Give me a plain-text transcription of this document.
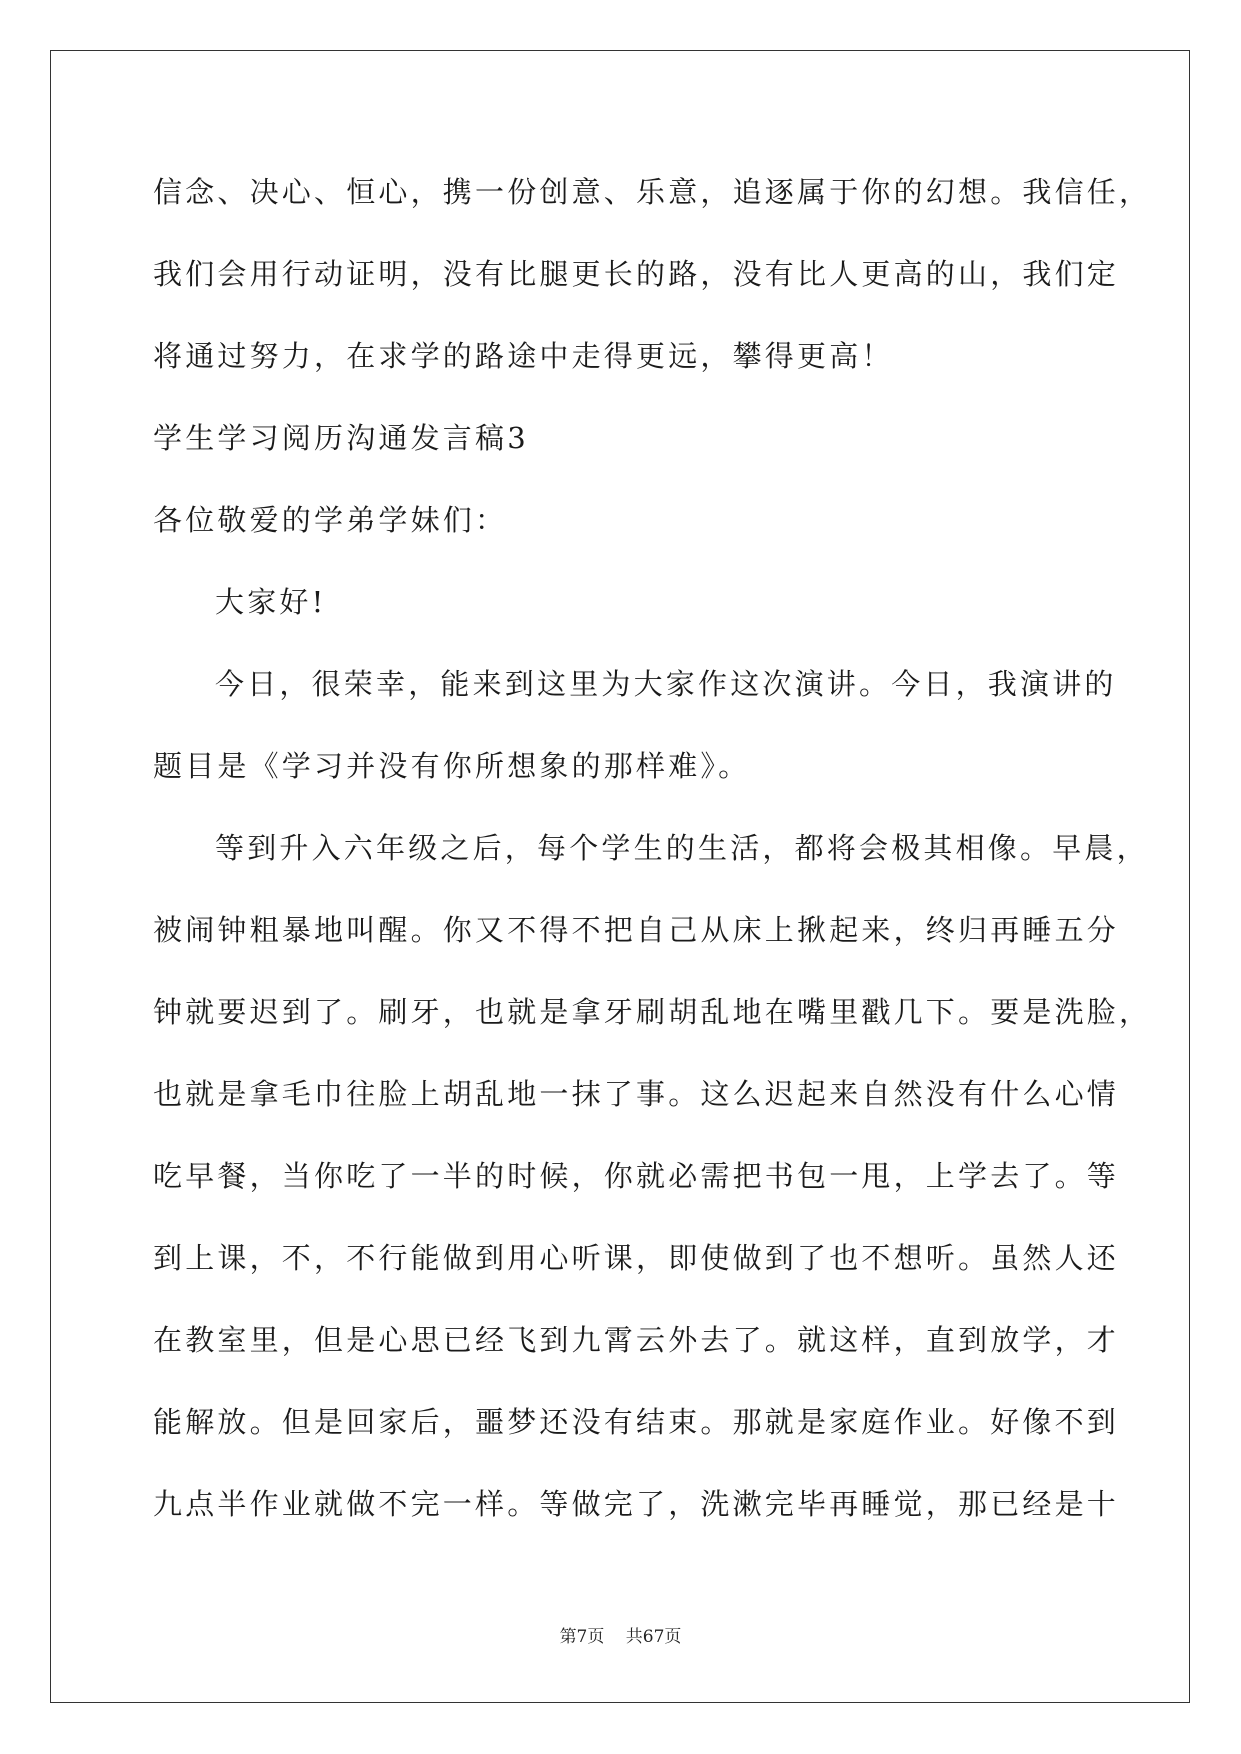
信念、决心、恒心，携一份创意、乐意，追逐属于你的幻想。我信任，
我们会用行动证明，没有比腿更长的路，没有比人更高的山，我们定
将通过努力，在求学的路途中走得更远，攀得更高！
学生学习阅历沟通发言稿3
各位敬爱的学弟学妹们：
大家好!
今日，很荣幸，能来到这里为大家作这次演讲。今日，我演讲的
题目是《学习并没有你所想象的那样难》。
等到升入六年级之后，每个学生的生活，都将会极其相像。早晨，
被闹钟粗暴地叫醒。你又不得不把自己从床上揪起来，终归再睡五分
钟就要迟到了。刷牙，也就是拿牙刷胡乱地在嘴里戳几下。要是洗脸，
也就是拿毛巾往脸上胡乱地一抹了事。这么迟起来自然没有什么心情
吃早餐，当你吃了一半的时候，你就必需把书包一甩，上学去了。等
到上课，不，不行能做到用心听课，即使做到了也不想听。虽然人还
在教室里，但是心思已经飞到九霄云外去了。就这样，直到放学，才
能解放。但是回家后，噩梦还没有结束。那就是家庭作业。好像不到
九点半作业就做不完一样。等做完了，洗漱完毕再睡觉，那已经是十
第7页 共67页
